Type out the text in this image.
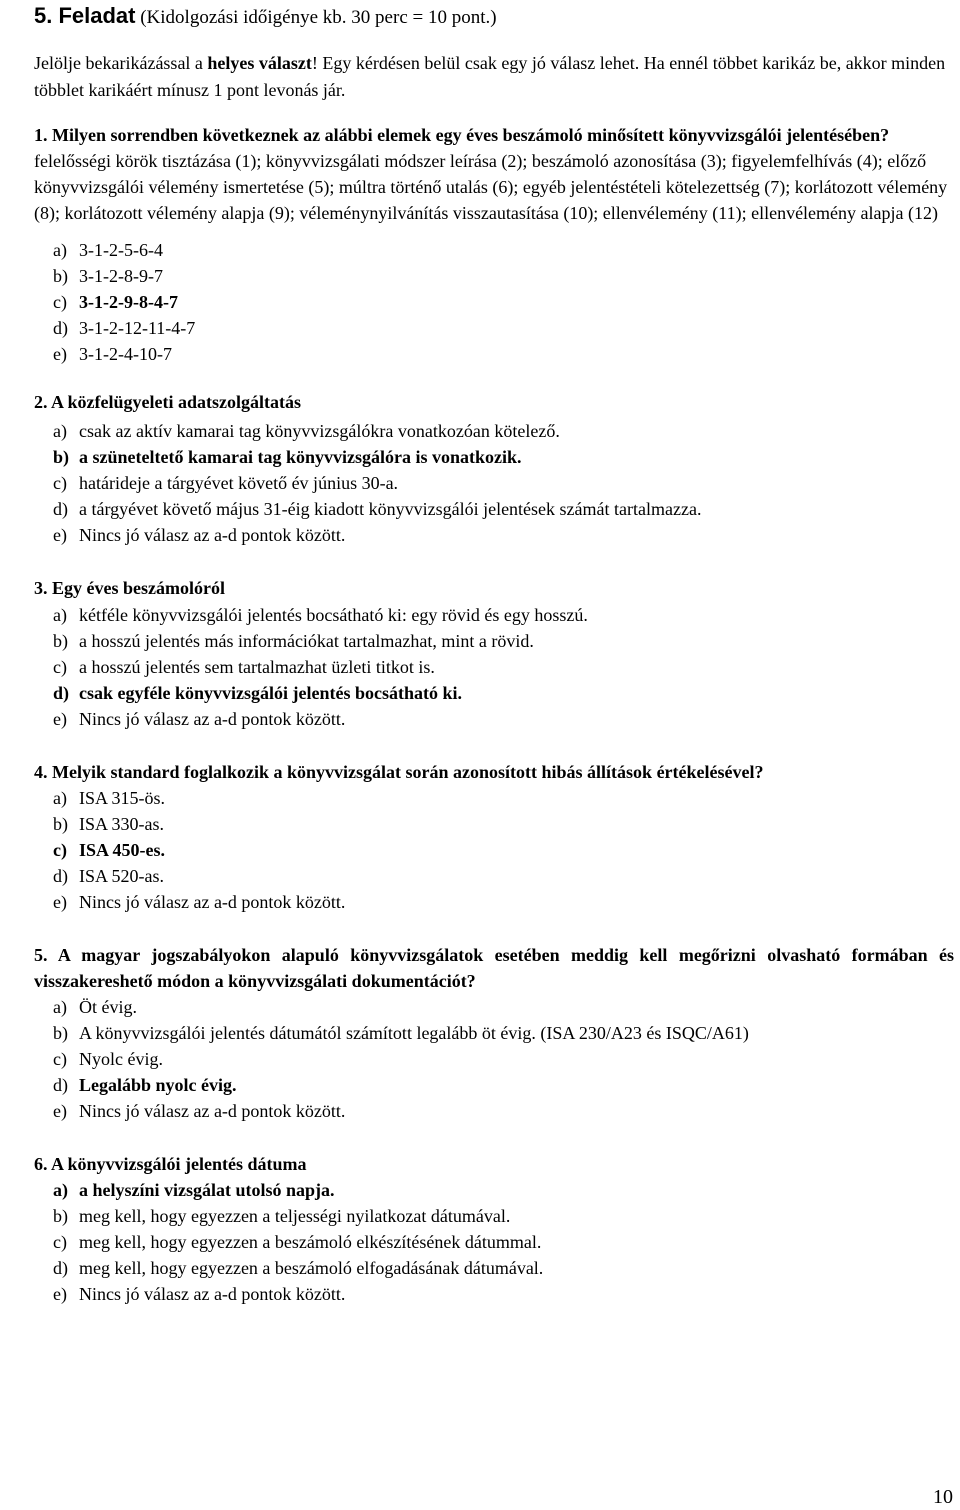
5. Feladat (Kidolgozási időigénye kb. 30 perc = 10 pont.)
Jelölje bekarikázással a helyes választ! Egy kérdésen belül csak egy jó válasz lehet. Ha ennél többet karikáz be, akkor minden többlet karikáért mínusz 1 pont levonás jár.

1. Milyen sorrendben következnek az alábbi elemek egy éves beszámoló minősített könyvvizsgálói jelentésében?

felelősségi körök tisztázása (1); könyvvizsgálati módszer leírása (2); beszámoló azonosítása (3); figyelemfelhívás (4); előző könyvvizsgálói vélemény ismertetése (5); múltra történő utalás (6); egyéb jelentéstételi kötelezettség (7); korlátozott vélemény (8); korlátozott vélemény alapja (9); véleménynyilvánítás visszautasítása (10); ellenvélemény (11); ellenvélemény alapja (12)

a) 3-1-2-5-6-4
b) 3-1-2-8-9-7
c) 3-1-2-9-8-4-7
d) 3-1-2-12-11-4-7
e) 3-1-2-4-10-7

2. A közfelügyeleti adatszolgáltatás

a) csak az aktív kamarai tag könyvvizsgálókra vonatkozóan kötelező.
b) a szüneteltető kamarai tag könyvvizsgálóra is vonatkozik.
c) határideje a tárgyévet követő év június 30-a.
d) a tárgyévet követő május 31-éig kiadott könyvvizsgálói jelentések számát tartalmazza.
e) Nincs jó válasz az a-d pontok között.

3. Egy éves beszámolóról

a) kétféle könyvvizsgálói jelentés bocsátható ki: egy rövid és egy hosszú.
b) a hosszú jelentés más információkat tartalmazhat, mint a rövid.
c) a hosszú jelentés sem tartalmazhat üzleti titkot is.
d) csak egyféle könyvvizsgálói jelentés bocsátható ki.
e) Nincs jó válasz az a-d pontok között.

4. Melyik standard foglalkozik a könyvvizsgálat során azonosított hibás állítások értékelésével?

a) ISA 315-ös.
b) ISA 330-as.
c) ISA 450-es.
d) ISA 520-as.
e) Nincs jó válasz az a-d pontok között.

5. A magyar jogszabályokon alapuló könyvvizsgálatok esetében meddig kell megőrizni olvasható formában és visszakereshető módon a könyvvizsgálati dokumentációt?

a) Öt évig.
b) A könyvvizsgálói jelentés dátumától számított legalább öt évig. (ISA 230/A23 és ISQC/A61)
c) Nyolc évig.
d) Legalább nyolc évig.
e) Nincs jó válasz az a-d pontok között.

6. A könyvvizsgálói jelentés dátuma

a) a helyszíni vizsgálat utolsó napja.
b) meg kell, hogy egyezzen a teljességi nyilatkozat dátumával.
c) meg kell, hogy egyezzen a beszámoló elkészítésének dátummal.
d) meg kell, hogy egyezzen a beszámoló elfogadásának dátumával.
e) Nincs jó válasz az a-d pontok között.
10
